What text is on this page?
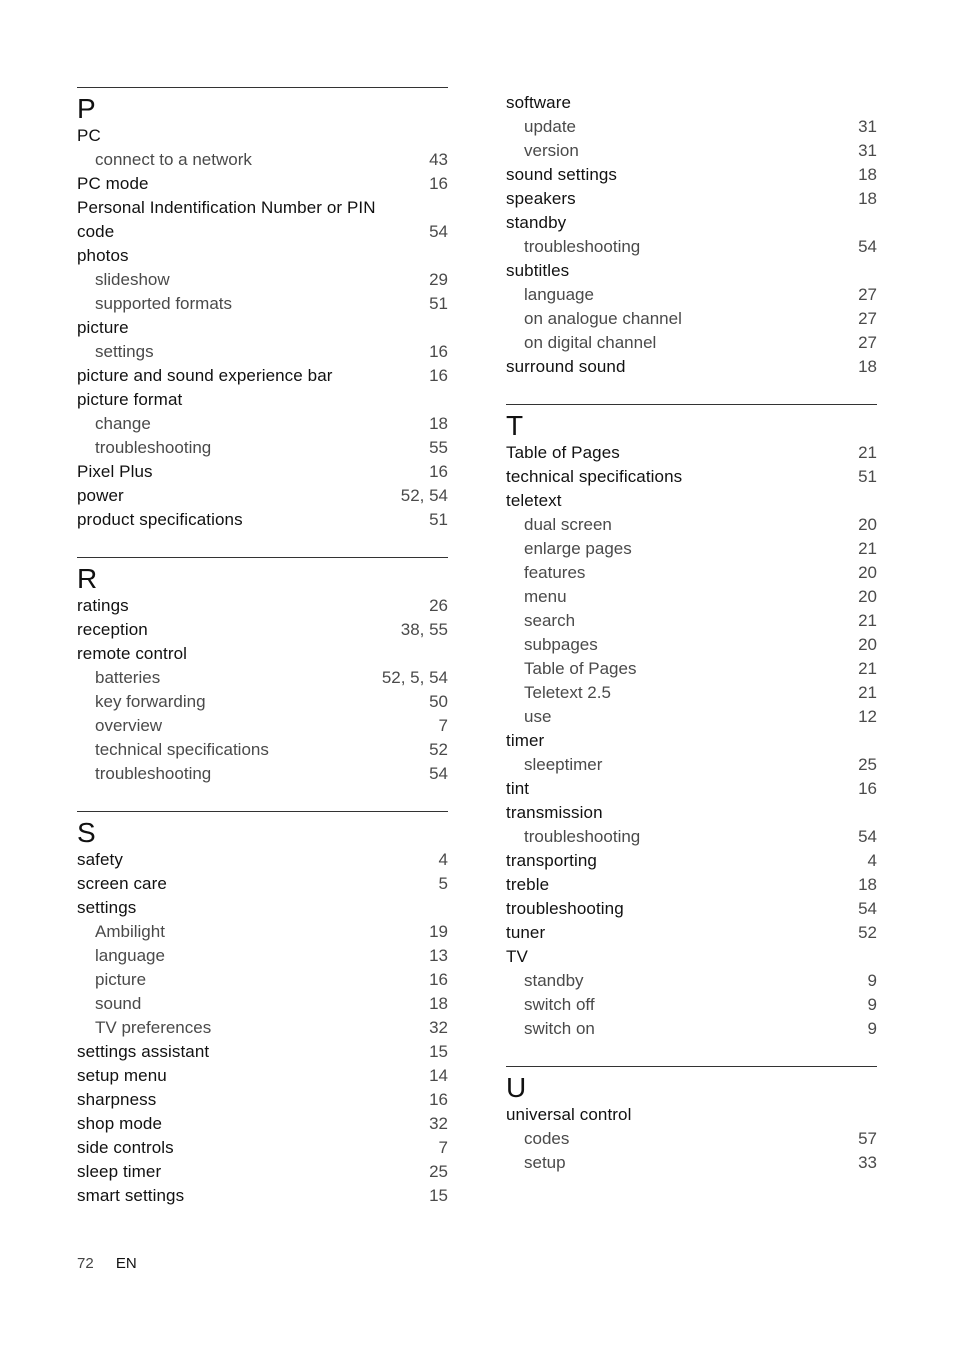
P
PC
connect to a network	43
PC mode	16
Personal Indentification Number or PIN
code	54
photos
slideshow	29
supported formats	51
picture
settings	16
picture and sound experience bar	16
picture format
change	18
troubleshooting	55
Pixel Plus	16
power	52, 54
product specifications	51
R
ratings	26
reception	38, 55
remote control
batteries	52, 5, 54
key forwarding	50
overview	7
technical specifications	52
troubleshooting	54
S
safety	4
screen care	5
settings
Ambilight	19
language	13
picture	16
sound	18
TV preferences	32
settings assistant	15
setup menu	14
sharpness	16
shop mode	32
side controls	7
sleep timer	25
smart settings	15
software
update	31
version	31
sound settings	18
speakers	18
standby
troubleshooting	54
subtitles
language	27
on analogue channel	27
on digital channel	27
surround sound	18
T
Table of Pages	21
technical specifications	51
teletext
dual screen	20
enlarge pages	21
features	20
menu	20
search	21
subpages	20
Table of Pages	21
Teletext 2.5	21
use	12
timer
sleeptimer	25
tint	16
transmission
troubleshooting	54
transporting	4
treble	18
troubleshooting	54
tuner	52
TV
standby	9
switch off	9
switch on	9
U
universal control
codes	57
setup	33
72 EN
